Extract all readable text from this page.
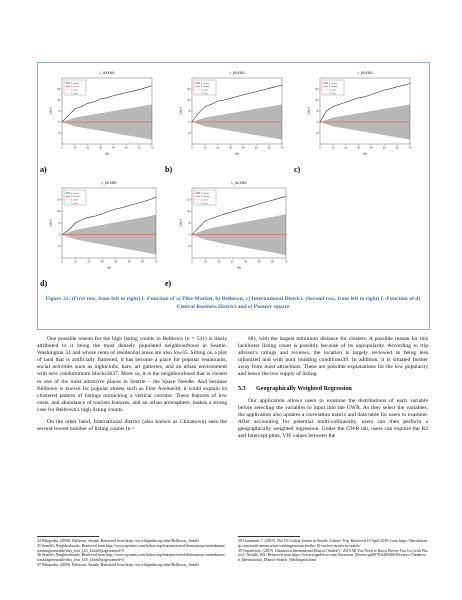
L_IM-KNN
0	10	20	30	40	50	60	70
-5
0
5
10
15
dist
L(d)-d
L_obs(r)
L_theo(r)
L_hi(r)
L_lo(r)
L_IM-KNN
0	10	20	30	40	50	60	70
-5
0
5
10
15
dist
L(d)-d
L_obs(r)
L_theo(r)
L_hi(r)
L_lo(r)
L_IM-KNN
0	10	20	30	40	50	60	70
-5
0
5
10
15
dist
L(d)-d
L_obs(r)
L_theo(r)
L_hi(r)
L_lo(r)
L_IM-KNN
0	10	20	30	40	50	60	70
-5
0
5
10
15
dist
L(d)-d
L_obs(r)
L_theo(r)
L_hi(r)
L_lo(r)
L_IM-KNN
0	10	20	30	40	50	60	70
-5
0
5
10
15
dist
L(d)-d
L_obs(r)
L_theo(r)
L_hi(r)
L_lo(r)
a)	b)	c)
d)	e)
Figure 21: (First row, from left to right) L-Function of a) Pike-Market, b) Belltown, c) International District. (Second row, from left to right) L-Function of d) Central Business District and e) Pioneer square

One possible reason for the high listing counts in Belltown (n = 541) is likely attributed to it being the most densely populated neighbourhood in Seattle, Washington 34 and whose rents of residential areas are also low35. Sitting on a plot of land that is artificially flattened, it has become a place for popular restaurants, social activities such as nightclubs, bars, art galleries, and an urban environment with new condominium blocks3637. More so, it is the neighbourhood that is closest to one of the most attractive places in Seattle – the Space Needle. And because Belltown is known for popular streets such as First Avenue38, it could explain its clustered pattern of listings mimicking a vertical corridor. These features of low costs, and abundance of tourists features, and an urban atmosphere, makes a strong case for Belltown's high listing counts.

On the other hand, International district (also known as Chinatown) sees the second lowest number of listing counts (n =

68), with the largest minimum distance for clusters. A possible reason for this lackluster listing count is possibly because of its unpopularity. According to trip advisor's ratings and reviews, the location is largely reviewed as being less urbanized and with poor building conditions39. In addition, it is situated further away from most attractions. These are possible explanations for the low popularity and hence the low supply of listing.

5.3 Geographically Weighted Regression

Our application allows users to examine the distributions of each variable before selecting the variables to input into the GWR. As they select the variables, the application also updates a correlation matrix and data table for users to examine. After accounting for potential multi-collinearity, users can then perform a geographically weighted regression. Under the GWR tab, users can explore the R2 and Intercept plots, VIF values between the

34 Wikipedia. (2009). Belltown, Seattle. Retrieved from https://en.wikipedia.org/wiki/Belltown,_Seattle

35 Seattle's Neighborhoods. Retrieved from http://www.nytimes.com/fodors/top/features/travel/destinations/unitedstates/washingtonseattle/fdrs_feat_143_4.html?pagewanted=3

36 Seattle's Neighborhoods. Retrieved from http://www.nytimes.com/fodors/top/features/travel/destinations/unitedstates/washingtonseattle/fdrs_feat_143_4.html?pagewanted=3

37 Wikipedia. (2009). Belltown, Seattle. Retrieved from https://en.wikipedia.org/wiki/Belltown,_Seattle

38 Grambush, J. (2019). The 10 Coolest Streets in Seattle. Culture Trip. Retrieved 10 April 2019, from https://theculturetrip.com/north-america/usa/washington/articles/the-10-coolest-streets-in-seattle/

39 Tripadvisor. (2019). Chinatown International District (Seattle) - 2019 All You Need to Know Before You Go (with Photos) - Seattle, WA. Retrieved from https://www.tripadvisor.com/Attraction_Review-g60878-d269460-Reviews-Chinatown_International_District-Seattle_Washington.html
